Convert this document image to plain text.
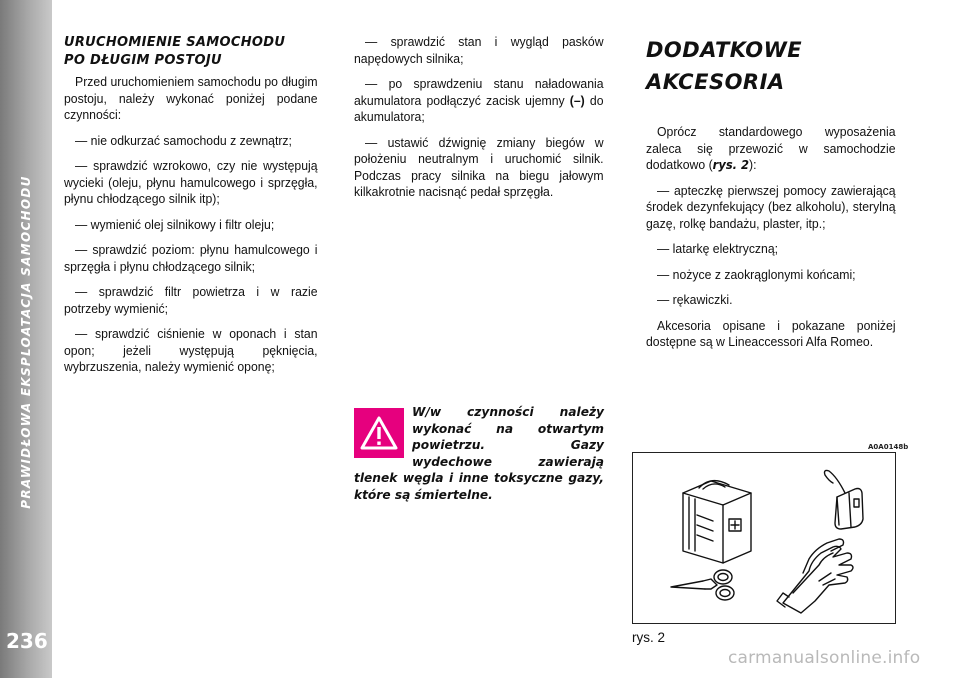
PRAWIDŁOWA EKSPLOATACJA SAMOCHODU
236
URUCHOMIENIE SAMOCHODU
PO DŁUGIM POSTOJU

Przed uruchomieniem samochodu po długim postoju, należy wykonać poniżej podane czynności:

— nie odkurzać samochodu z zewnątrz;

— sprawdzić wzrokowo, czy nie występują wycieki (oleju, płynu hamulcowego i sprzęgła, płynu chłodzącego silnik itp);

— wymienić olej silnikowy i filtr oleju;

— sprawdzić poziom: płynu hamulcowego i sprzęgła i płynu chłodzącego silnik;

— sprawdzić filtr powietrza i w razie potrzeby wymienić;

— sprawdzić ciśnienie w oponach i stan opon; jeżeli występują pęknięcia, wybrzuszenia, należy wymienić oponę;

— sprawdzić stan i wygląd pasków napędowych silnika;

— po sprawdzeniu stanu naładowania akumulatora podłączyć zacisk ujemny (–) do akumulatora;

— ustawić dźwignię zmiany biegów w położeniu neutralnym i uruchomić silnik. Podczas pracy silnika na biegu jałowym kilkakrotnie nacisnąć pedał sprzęgła.

W/w czynności należy wykonać na otwartym powietrzu. Gazy wydechowe zawierają tlenek węgla i inne toksyczne gazy, które są śmiertelne.
DODATKOWE
AKCESORIA

Oprócz standardowego wyposażenia zaleca się przewozić w samochodzie dodatkowo (rys. 2):

— apteczkę pierwszej pomocy zawierającą środek dezynfekujący (bez alkoholu), sterylną gazę, rolkę bandażu, plaster, itp.;

— latarkę elektryczną;

— nożyce z zaokrąglonymi końcami;

— rękawiczki.

Akcesoria opisane i pokazane poniżej dostępne są w Lineaccessori Alfa Romeo.

A0A0148b
rys. 2
carmanualsonline.info
